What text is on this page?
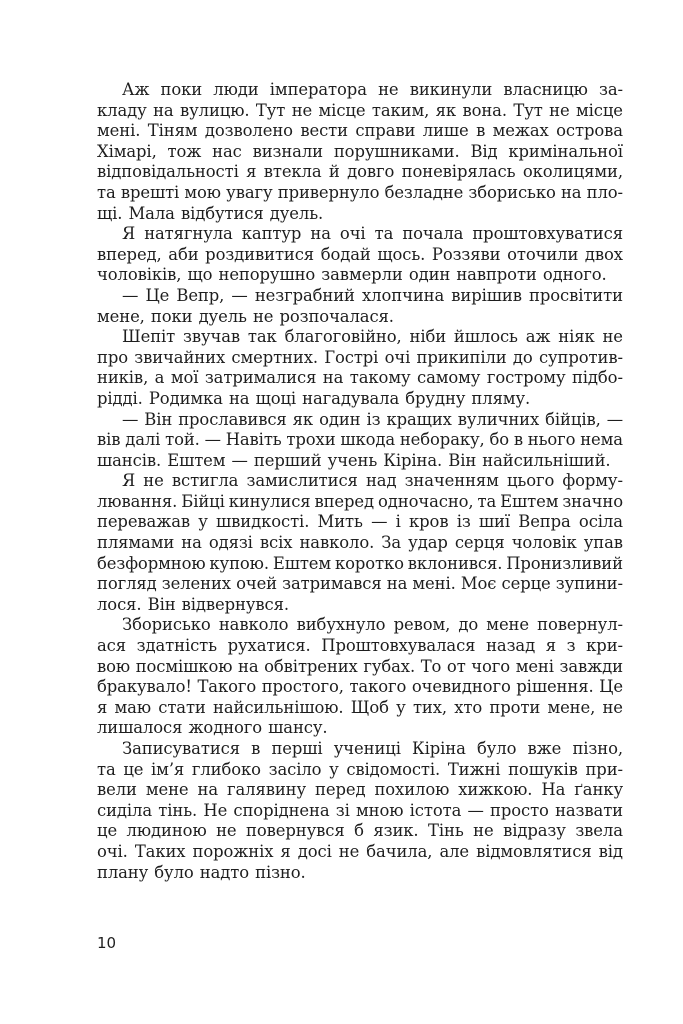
Аж поки люди імператора не викинули власницю за-
кладу на вулицю. Тут не місце таким, як вона. Тут не місце
мені. Тіням дозволено вести справи лише в межах острова
Хімарі, тож нас визнали порушниками. Від кримінальної
відповідальності я втекла й довго поневірялась околицями,
та врешті мою увагу привернуло безладне зборисько на пло-
щі. Мала відбутися дуель.
Я натягнула каптур на очі та почала проштовхуватися
вперед, аби роздивитися бодай щось. Роззяви оточили двох
чоловіків, що непорушно завмерли один навпроти одного.
— Це Вепр, — незграбний хлопчина вирішив просвітити
мене, поки дуель не розпочалася.
Шепіт звучав так благоговійно, ніби йшлось аж ніяк не
про звичайних смертних. Гострі очі прикипіли до супротив-
ників, а мої затрималися на такому самому гострому підбо-
рідді. Родимка на щоці нагадувала брудну пляму.
— Він прославився як один із кращих вуличних бійців, —
вів далі той. — Навіть трохи шкода небораку, бо в нього нема
шансів. Ештем — перший учень Кіріна. Він найсильніший.
Я не встигла замислитися над значенням цього форму-
лювання. Бійці кинулися вперед одночасно, та Ештем значно
переважав у швидкості. Мить — і кров із шиї Вепра осіла
плямами на одязі всіх навколо. За удар серця чоловік упав
безформною купою. Ештем коротко вклонився. Пронизливий
погляд зелених очей затримався на мені. Моє серце зупини-
лося. Він відвернувся.
Зборисько навколо вибухнуло ревом, до мене повернул-
ася здатність рухатися. Проштовхувалася назад я з кри-
вою посмішкою на обвітрених губах. То от чого мені завжди
бракувало! Такого простого, такого очевидного рішення. Це
я маю стати найсильнішою. Щоб у тих, хто проти мене, не
лишалося жодного шансу.
Записуватися в перші учениці Кіріна було вже пізно,
та це ім’я глибоко засіло у свідомості. Тижні пошуків при-
вели мене на галявину перед похилою хижкою. На ґанку
сиділа тінь. Не споріднена зі мною істота — просто назвати
це людиною не повернувся б язик. Тінь не відразу звела
очі. Таких порожніх я досі не бачила, але відмовлятися від
плану було надто пізно.
10
